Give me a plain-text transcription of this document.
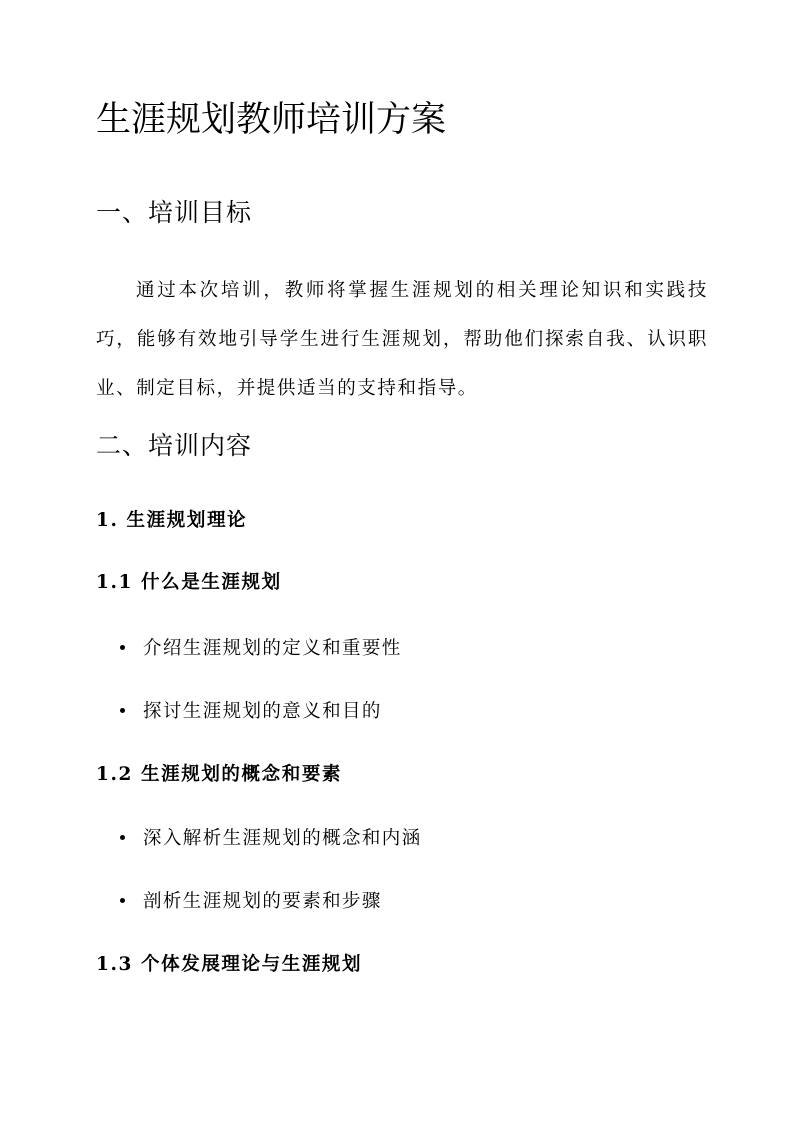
生涯规划教师培训方案
一、培训目标

通过本次培训，教师将掌握生涯规划的相关理论知识和实践技巧，能够有效地引导学生进行生涯规划，帮助他们探索自我、认识职业、制定目标，并提供适当的支持和指导。

二、培训内容
1. 生涯规划理论
1.1 什么是生涯规划
介绍生涯规划的定义和重要性
探讨生涯规划的意义和目的
1.2 生涯规划的概念和要素
深入解析生涯规划的概念和内涵
剖析生涯规划的要素和步骤
1.3 个体发展理论与生涯规划
